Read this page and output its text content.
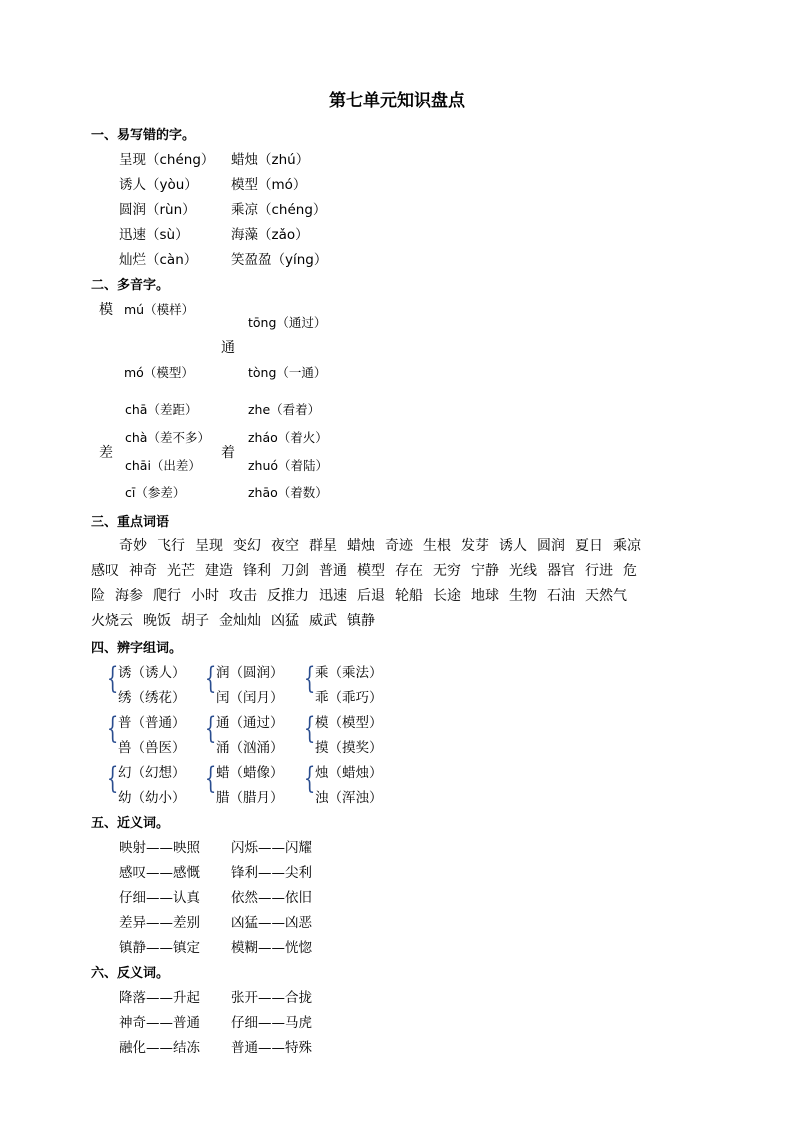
第七单元知识盘点
一、易写错的字。
呈现（chéng） 蜡烛（zhú）
诱人（yòu） 模型（mó）
圆润（rùn）	乘凉（chéng）
迅速（sù）	海藻（zǎo）
灿烂（càn） 笑盈盈（yíng）
二、多音字。
模 mú（模样）
mó（模型）
通
tōng（通过）
tòng（一通）
差
chā（差距）
chà（差不多）
chāi（出差）
cī（参差）
着
zhe（看着）
zháo（着火）
zhuó（着陆）
zhāo（着数）
三、重点词语
奇妙 飞行 呈现 变幻 夜空 群星 蜡烛 奇迹 生根 发芽 诱人 圆润 夏日 乘凉
感叹 神奇 光芒 建造 锋利 刀剑 普通 模型 存在 无穷 宁静 光线 器官 行进 危
险 海参 爬行 小时 攻击 反推力 迅速 后退 轮船 长途 地球 生物 石油 天然气
火烧云 晚饭 胡子 金灿灿 凶猛 威武 镇静
四、辨字组词。
{ 诱（诱人）
绣（绣花）
{ 润（圆润）
闰（闰月）
{ 乘（乘法）
乖（乖巧）
{ 普（普通）
兽（兽医）
{ 通（通过）
涌（汹涌）
{ 模（模型）
摸（摸奖）
{ 幻（幻想）
幼（幼小）
{ 蜡（蜡像）
腊（腊月）
{ 烛（蜡烛）
浊（浑浊）
五、近义词。
映射——映照 闪烁——闪耀
感叹——感慨 锋利——尖利
仔细——认真 依然——依旧
差异——差别 凶猛——凶恶
镇静——镇定 模糊——恍惚
六、反义词。
降落——升起 张开——合拢
神奇——普通 仔细——马虎
融化——结冻 普通——特殊
